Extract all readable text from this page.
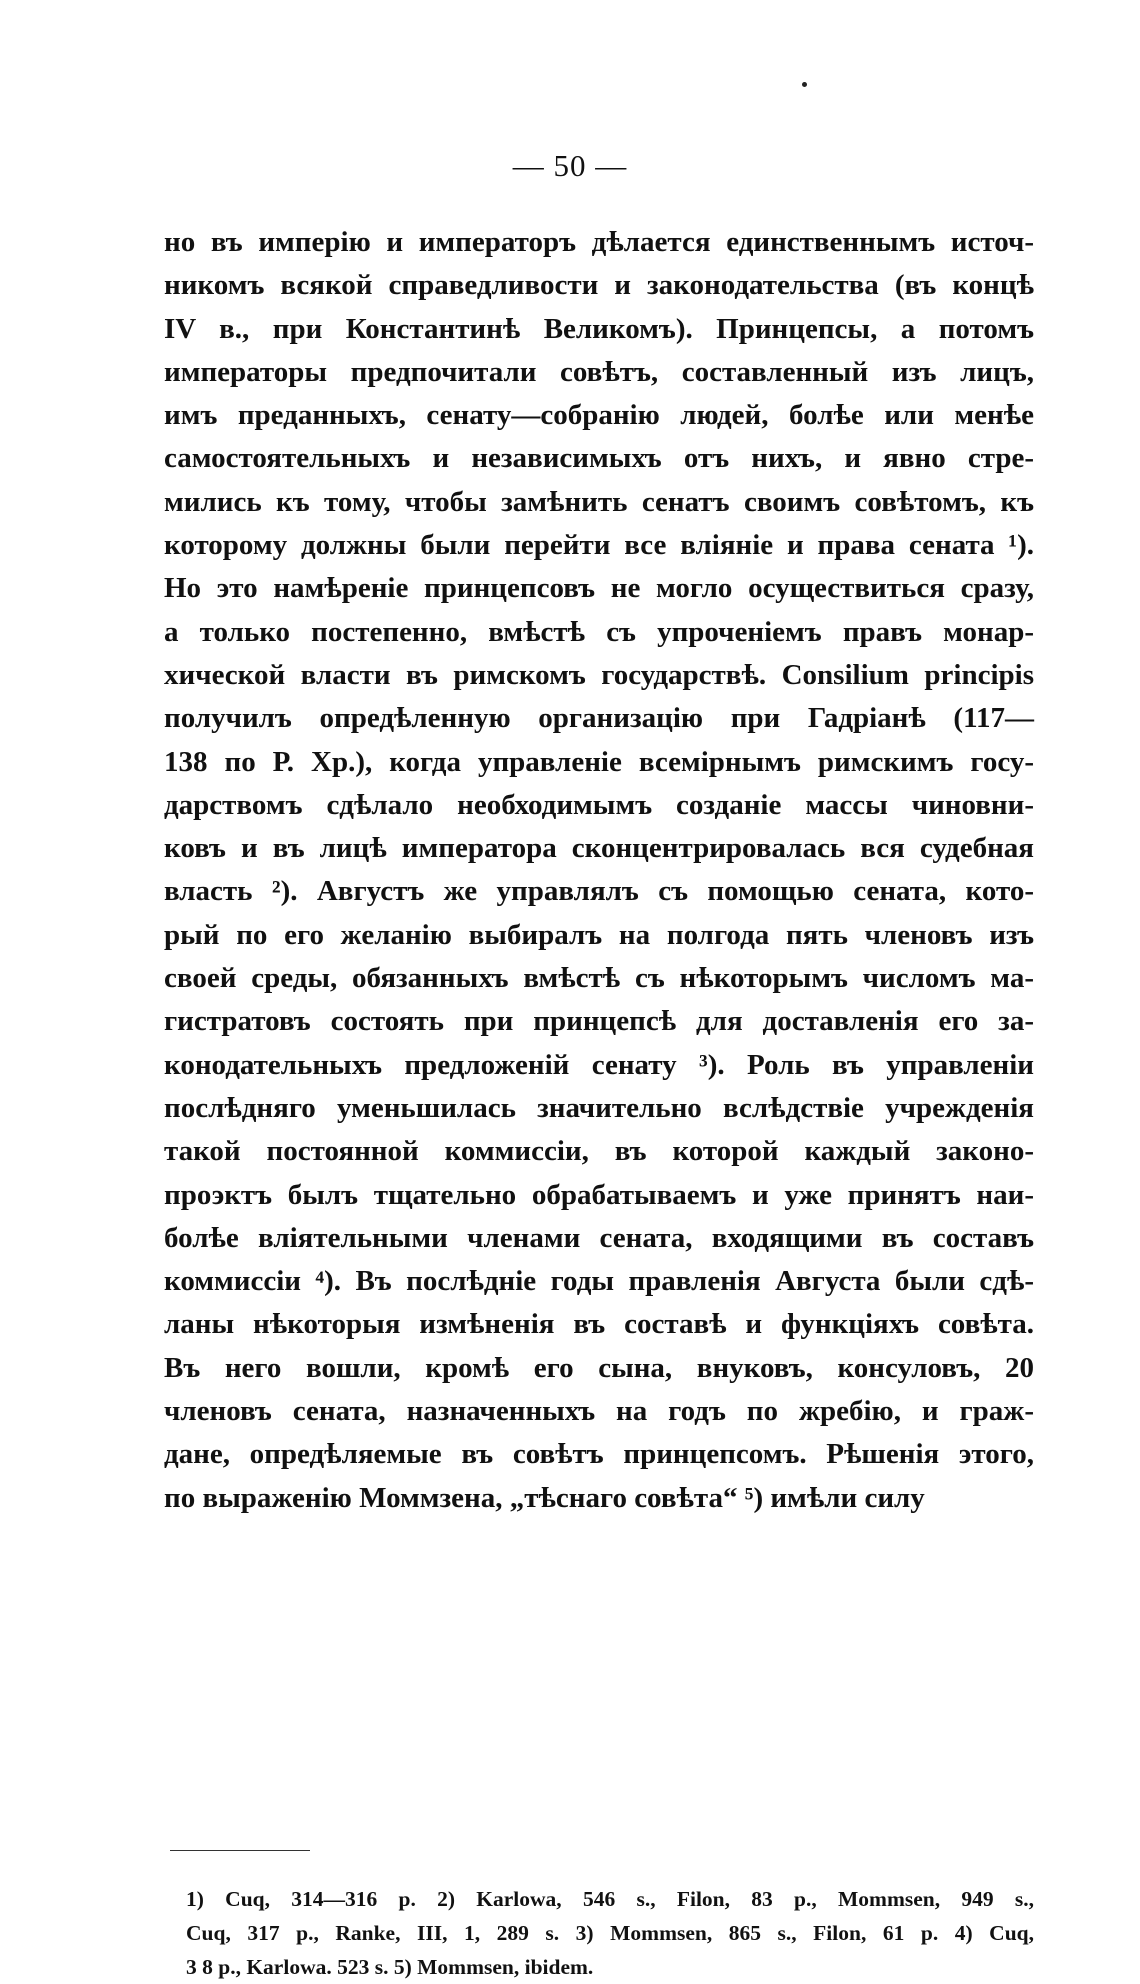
— 50 —
но въ имперію и императоръ дѣлается единственнымъ источ-
никомъ всякой справедливости и законодательства (въ концѣ
IV в., при Константинѣ Великомъ). Принцепсы, а потомъ
императоры предпочитали совѣтъ, составленный изъ лицъ,
имъ преданныхъ, сенату—собранію людей, болѣе или менѣе
самостоятельныхъ и независимыхъ отъ нихъ, и явно стре-
мились къ тому, чтобы замѣнить сенатъ своимъ совѣтомъ, къ
которому должны были перейти все вліяніе и права сената ¹).
Но это намѣреніе принцепсовъ не могло осуществиться сразу,
а только постепенно, вмѣстѣ съ упроченіемъ правъ монар-
хической власти въ римскомъ государствѣ. Consilium principis
получилъ опредѣленную организацію при Гадріанѣ (117—
138 по Р. Хр.), когда управленіе всемірнымъ римскимъ госу-
дарствомъ сдѣлало необходимымъ созданіе массы чиновни-
ковъ и въ лицѣ императора сконцентрировалась вся судебная
власть ²). Августъ же управлялъ съ помощью сената, кото-
рый по его желанію выбиралъ на полгода пять членовъ изъ
своей среды, обязанныхъ вмѣстѣ съ нѣкоторымъ числомъ ма-
гистратовъ состоять при принцепсѣ для доставленія его за-
конодательныхъ предложеній сенату ³). Роль въ управленіи
послѣдняго уменьшилась значительно вслѣдствіе учрежденія
такой постоянной коммиссіи, въ которой каждый законо-
проэктъ былъ тщательно обрабатываемъ и уже принятъ наи-
болѣе вліятельными членами сената, входящими въ составъ
коммиссіи ⁴). Въ послѣдніе годы правленія Августа были сдѣ-
ланы нѣкоторыя измѣненія въ составѣ и функціяхъ совѣта.
Въ него вошли, кромѣ его сына, внуковъ, консуловъ, 20
членовъ сената, назначенныхъ на годъ по жребію, и граж-
дане, опредѣляемые въ совѣтъ принцепсомъ. Рѣшенія этого,
по выраженію Моммзена, „тѣснаго совѣта“ ⁵) имѣли силу
1) Cuq, 314—316 p. 2) Karlowa, 546 s., Filon, 83 p., Mommsen, 949 s.,
Cuq, 317 p., Ranke, III, 1, 289 s. 3) Mommsen, 865 s., Filon, 61 p. 4) Cuq,
3 8 p., Karlowa. 523 s. 5) Mommsen, ibidem.
